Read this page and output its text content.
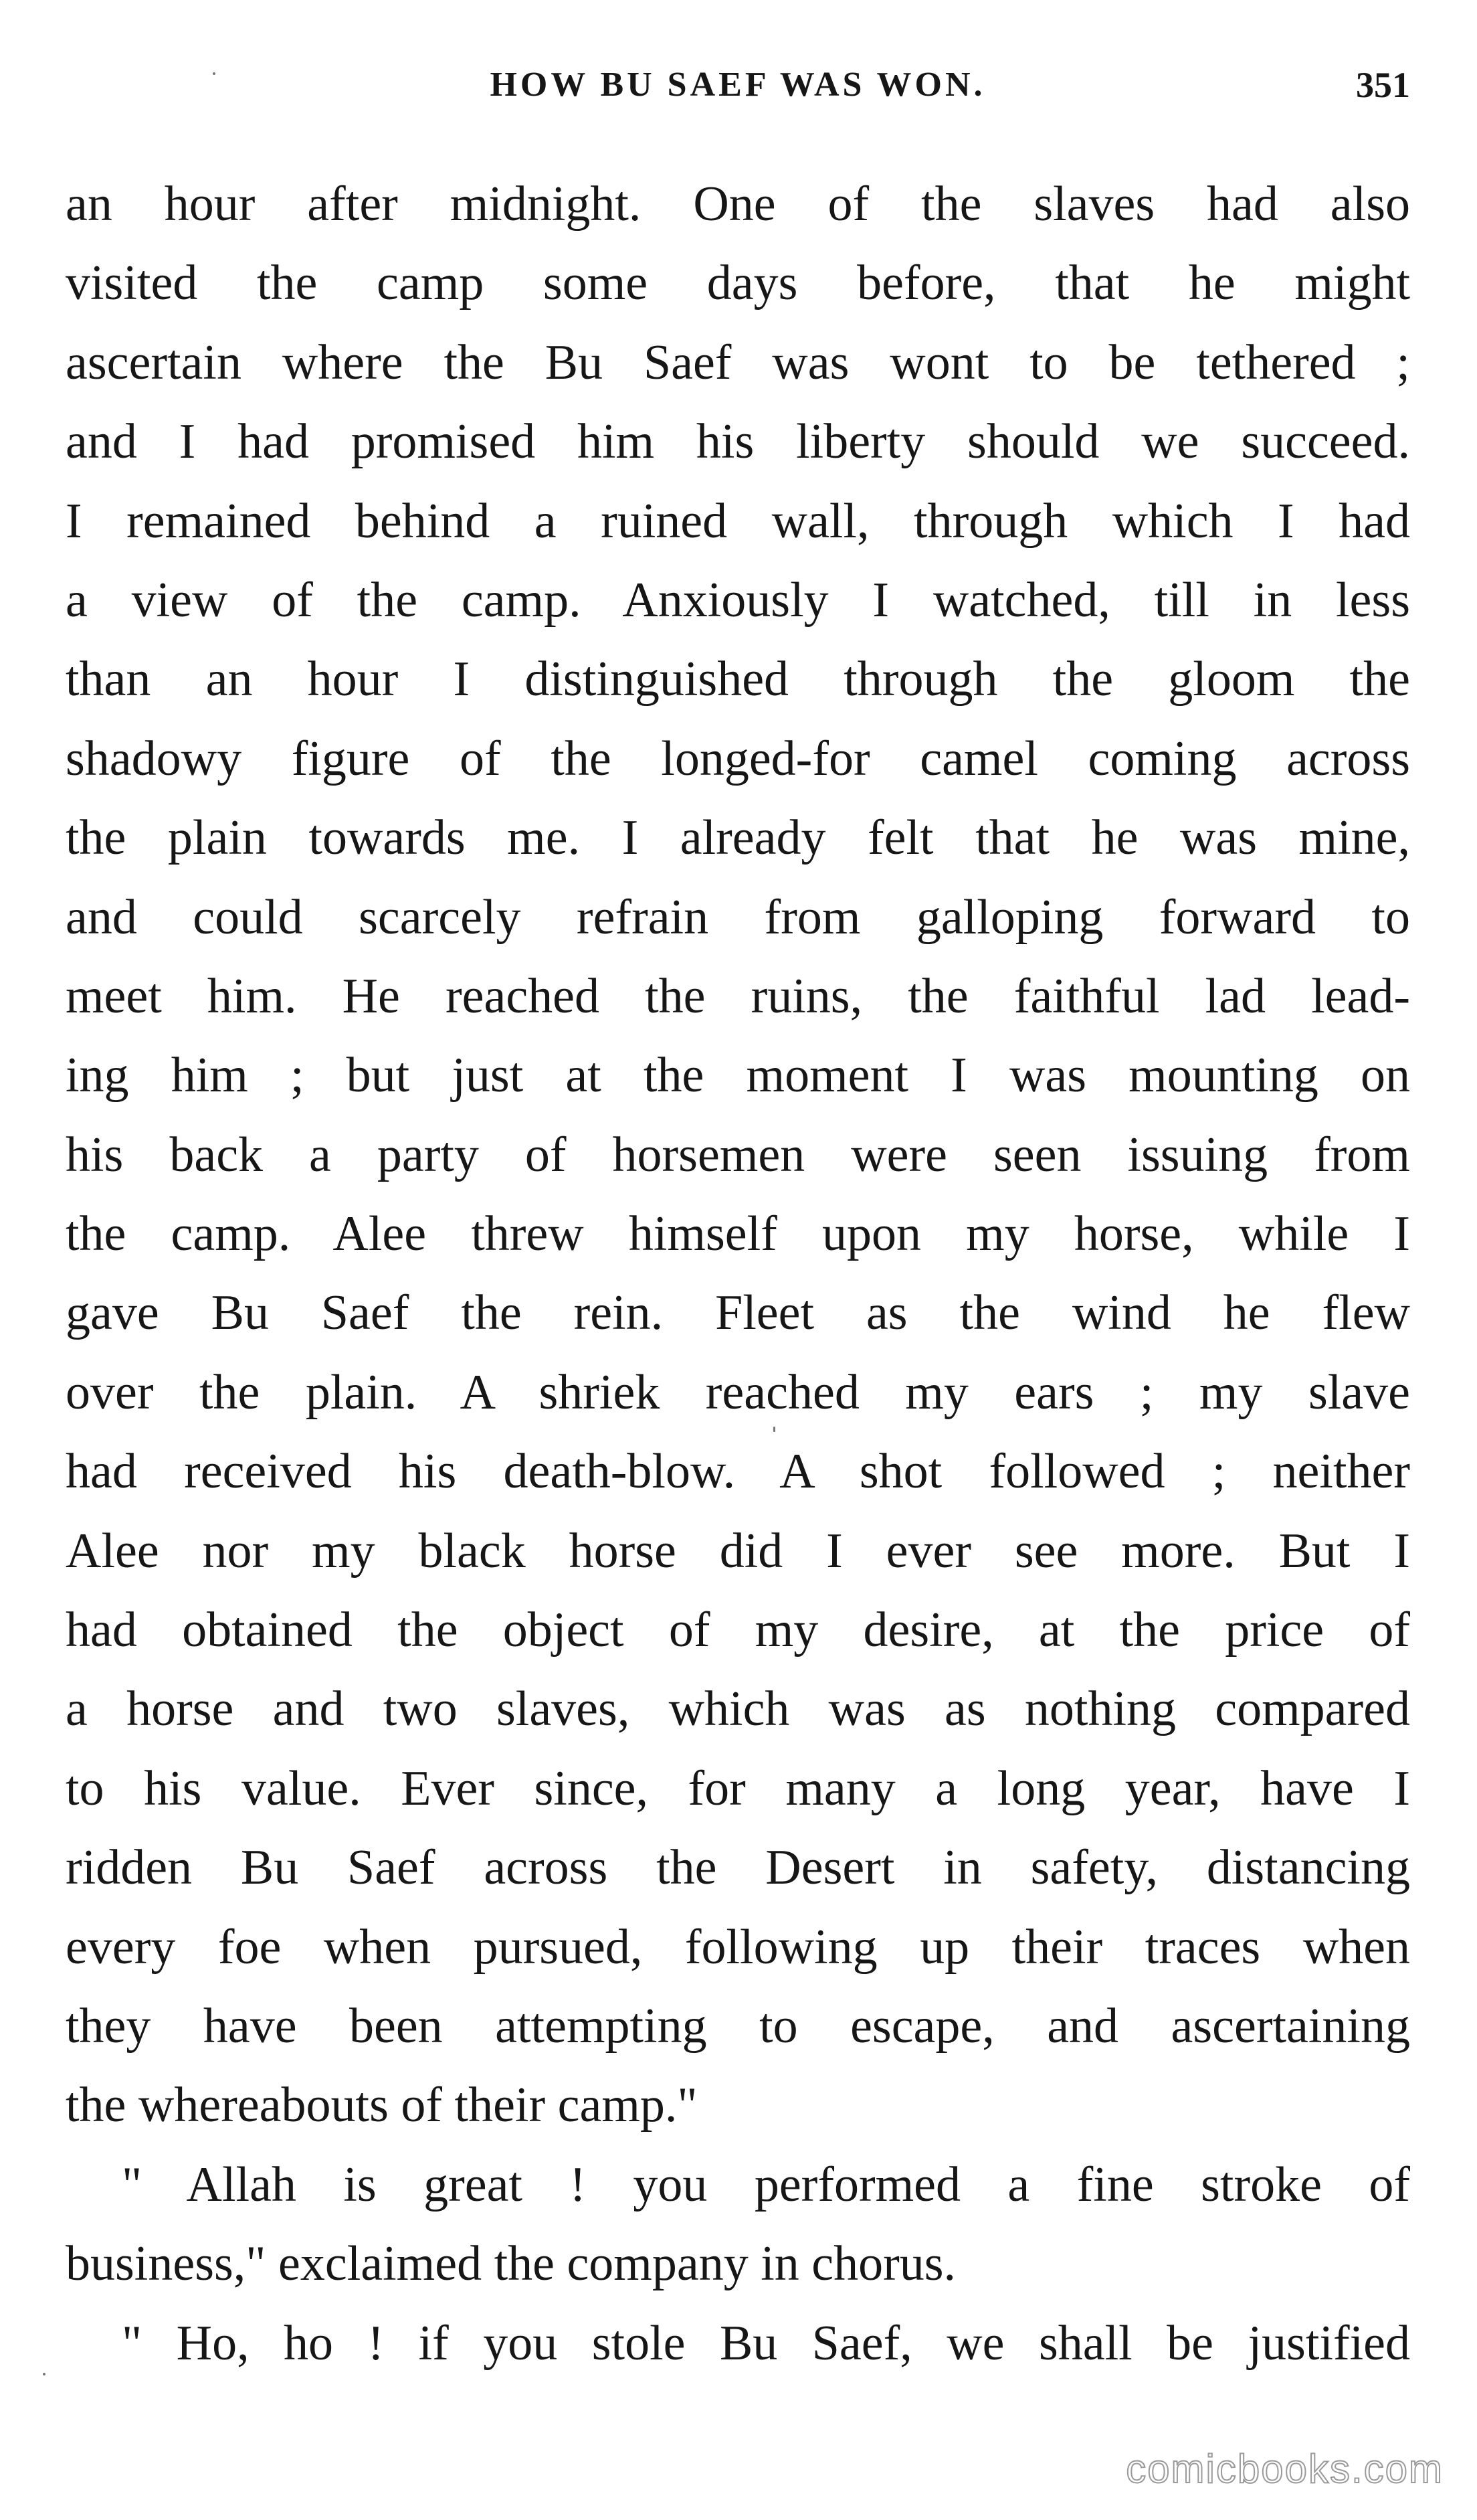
HOW BU SAEF WAS WON.	351
an hour after midnight. One of the slaves had also
visited the camp some days before, that he might
ascertain where the Bu Saef was wont to be tethered ;
and I had promised him his liberty should we succeed.
I remained behind a ruined wall, through which I had
a view of the camp. Anxiously I watched, till in less
than an hour I distinguished through the gloom the
shadowy figure of the longed-for camel coming across
the plain towards me. I already felt that he was mine,
and could scarcely refrain from galloping forward to
meet him. He reached the ruins, the faithful lad lead-
ing him ; but just at the moment I was mounting on
his back a party of horsemen were seen issuing from
the camp. Alee threw himself upon my horse, while I
gave Bu Saef the rein. Fleet as the wind he flew
over the plain. A shriek reached my ears ; my slave
had received his death-blow. A shot followed ; neither
Alee nor my black horse did I ever see more. But I
had obtained the object of my desire, at the price of
a horse and two slaves, which was as nothing compared
to his value. Ever since, for many a long year, have I
ridden Bu Saef across the Desert in safety, distancing
every foe when pursued, following up their traces when
they have been attempting to escape, and ascertaining
the whereabouts of their camp."
" Allah is great ! you performed a fine stroke of
business," exclaimed the company in chorus.
" Ho, ho ! if you stole Bu Saef, we shall be justified
comicbooks.com
